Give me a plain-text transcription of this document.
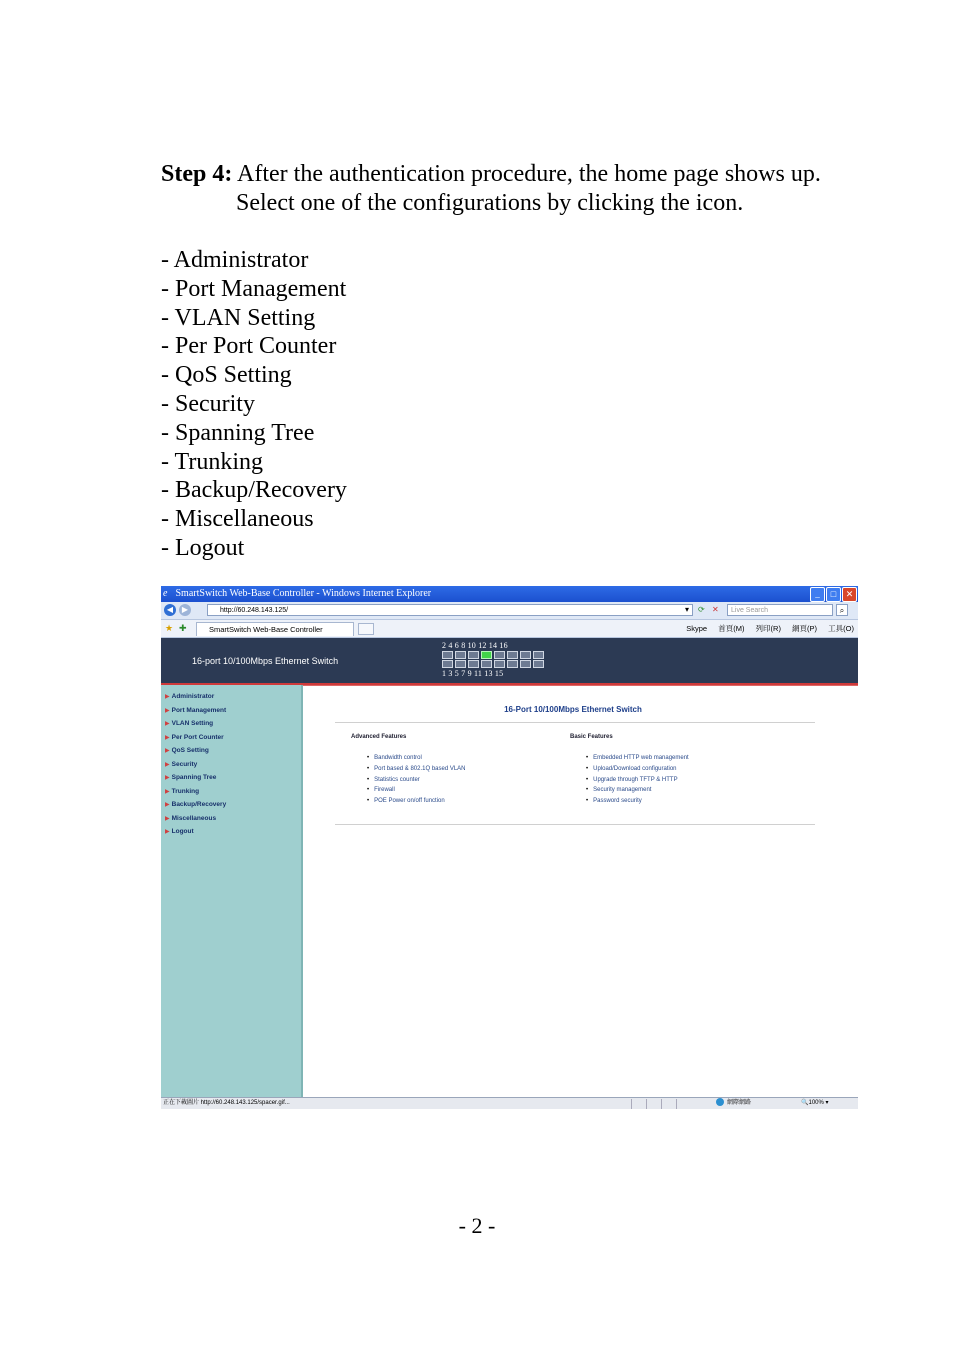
Step 4: After the authentication procedure, the home page shows up.
Select one of the configurations by clicking the icon.
- Administrator
- Port Management
- VLAN Setting
- Per Port Counter
- QoS Setting
- Security
- Spanning Tree
- Trunking
- Backup/Recovery
- Miscellaneous
- Logout
e SmartSwitch Web-Base Controller - Windows Internet Explorer	_	□	✕
◀	▶	http://60.248.143.125/	▾ ⟳ ✕	Live Search	⌕
★ ✚	SmartSwitch Web-Base Controller	Skype 首頁(M) 列印(R) 網頁(P) 工具(O)
16-port 10/100Mbps Ethernet Switch
2 4 6 8 10 12 14 16
1 3 5 7 9 11 13 15
▶ Administrator
▶ Port Management
▶ VLAN Setting
▶ Per Port Counter
▶ QoS Setting
▶ Security
▶ Spanning Tree
▶ Trunking
▶ Backup/Recovery
▶ Miscellaneous
▶ Logout
16-Port 10/100Mbps Ethernet Switch
Advanced Features	Basic Features
• Bandwidth control
• Port based & 802.1Q based VLAN
• Statistics counter
• Firewall
• POE Power on/off function
• Embedded HTTP web management
• Upload/Download configuration
• Upgrade through TFTP & HTTP
• Security management
• Password security
正在下載圖片 http://60.248.143.125/spacer.gif...	網際網路	🔍100% ▾
- 2 -
